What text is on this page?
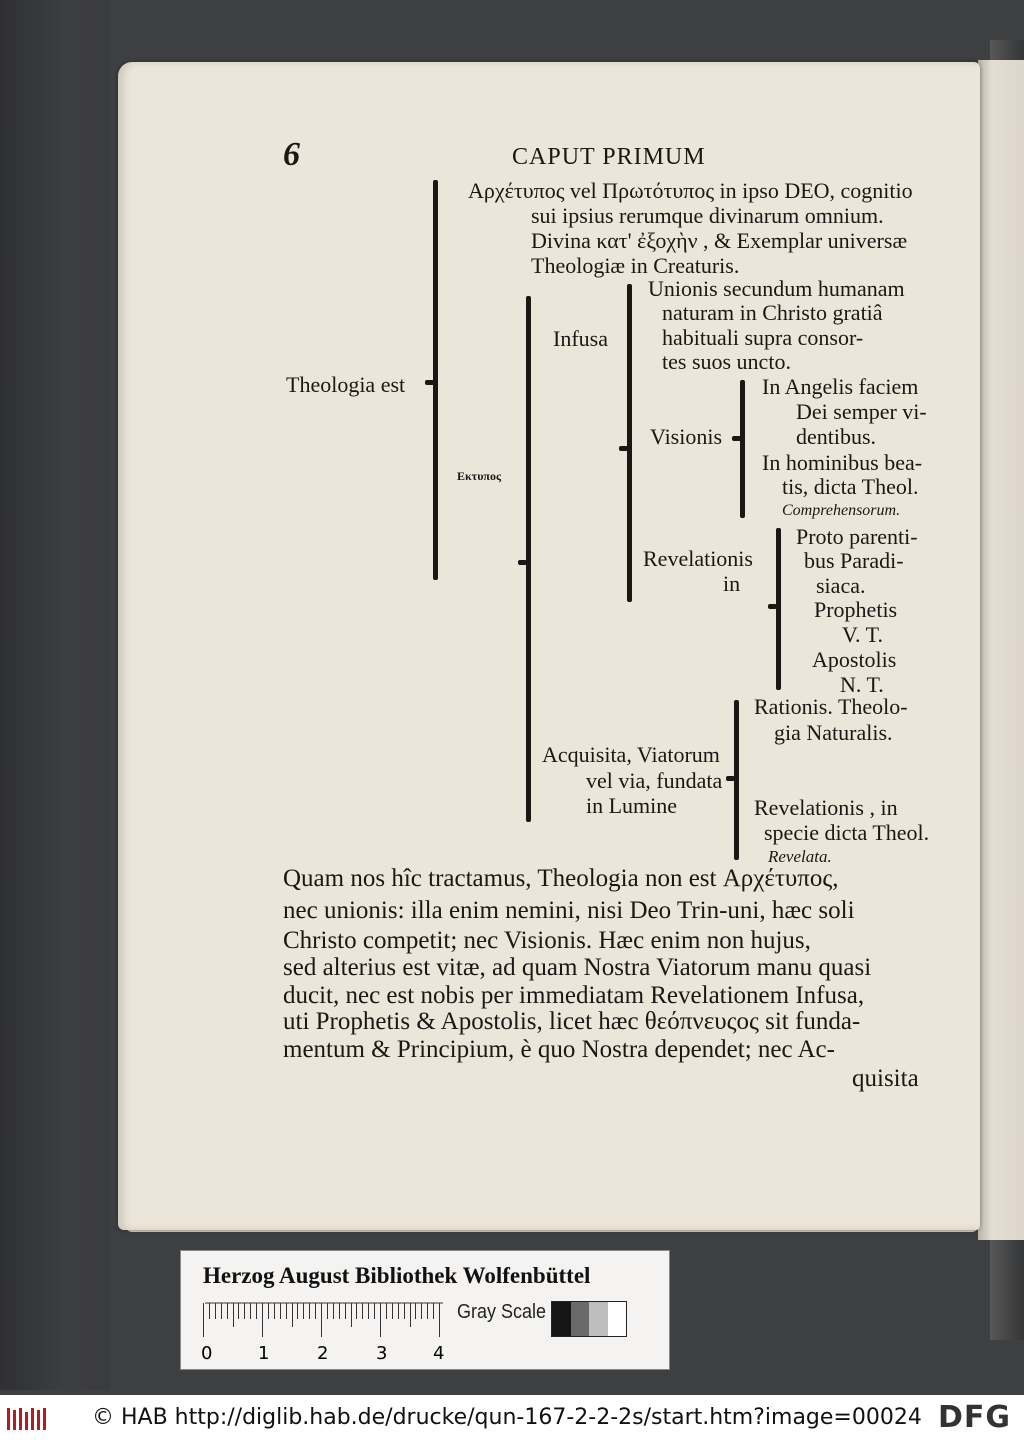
6	CAPUT PRIMUM
Theologia est
Αρχέτυπος vel Πρωτότυπος in ipso DEO, cognitio
sui ipsius rerumque divinarum omnium.
Divina κατ' ἐξοχὴν , & Exemplar universæ
Theologiæ in Creaturis.
Εκτυπος
Infusa
Unionis secundum humanam
naturam in Christo gratiâ
habituali supra consor-
tes suos uncto.
Visionis
In Angelis faciem
Dei semper vi-
dentibus.
In hominibus bea-
tis, dicta Theol.
Comprehensorum.
Revelationis
in
Proto parenti-
bus Paradi-
siaca.
Prophetis
V. T.
Apostolis
N. T.
Acquisita, Viatorum
vel via, fundata
in Lumine
Rationis. Theolo-
gia Naturalis.
Revelationis , in
specie dicta Theol.
Revelata.
Quam nos hîc tractamus, Theologia non est Αρχέτυπος,
nec unionis: illa enim nemini, nisi Deo Trin-uni, hæc soli
Christo competit; nec Visionis. Hæc enim non hujus,
sed alterius est vitæ, ad quam Nostra Viatorum manu quasi
ducit, nec est nobis per immediatam Revelationem Infusa,
uti Prophetis & Apostolis, licet hæc θεόπνευςος sit funda-
mentum & Principium, è quo Nostra dependet; nec Ac-
quisita
Herzog August Bibliothek Wolfenbüttel
0	1	2	3	4
Gray Scale
© HAB http://diglib.hab.de/drucke/qun-167-2-2-2s/start.htm?image=00024 DFG
